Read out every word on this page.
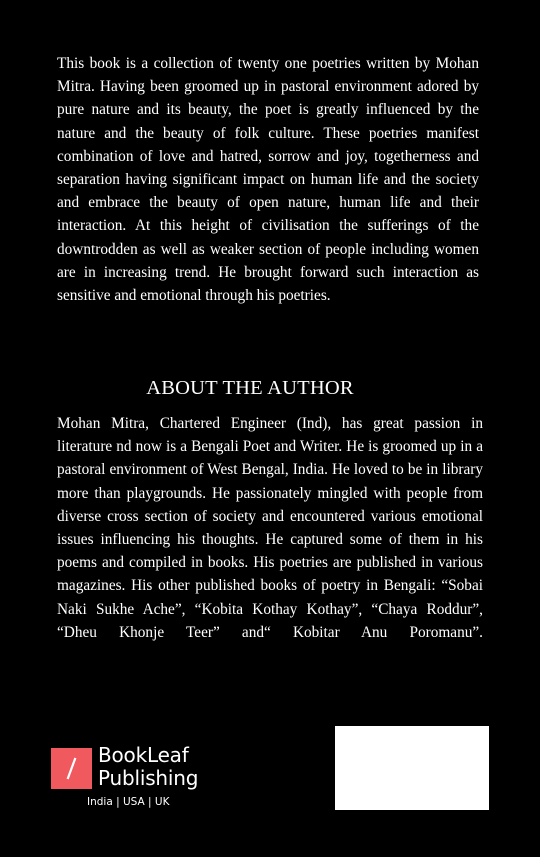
This book is a collection of twenty one poetries written by Mohan Mitra. Having been groomed up in pastoral environment adored by pure nature and its beauty, the poet is greatly influenced by the nature and the beauty of folk culture. These poetries manifest combination of love and hatred, sorrow and joy, togetherness and separation having significant impact on human life and the society and embrace the beauty of open nature, human life and their interaction. At this height of civilisation the sufferings of the downtrodden as well as weaker section of people including women are in increasing trend. He brought forward such interaction as sensitive and emotional through his poetries.
ABOUT THE AUTHOR
Mohan Mitra, Chartered Engineer (Ind), has great passion in literature nd now is a Bengali Poet and Writer. He is groomed up in a pastoral environment of West Bengal, India. He loved to be in library more than playgrounds. He passionately mingled with people from diverse cross section of society and encountered various emotional issues influencing his thoughts. He captured some of them in his poems and compiled in books. His poetries are published in various magazines. His other published books of poetry in Bengali: “Sobai Naki Sukhe Ache”, “Kobita Kothay Kothay”, “Chaya Roddur”, “Dheu Khonje Teer” and“ Kobitar Anu Poromanu”.
BookLeaf
Publishing
India | USA | UK
